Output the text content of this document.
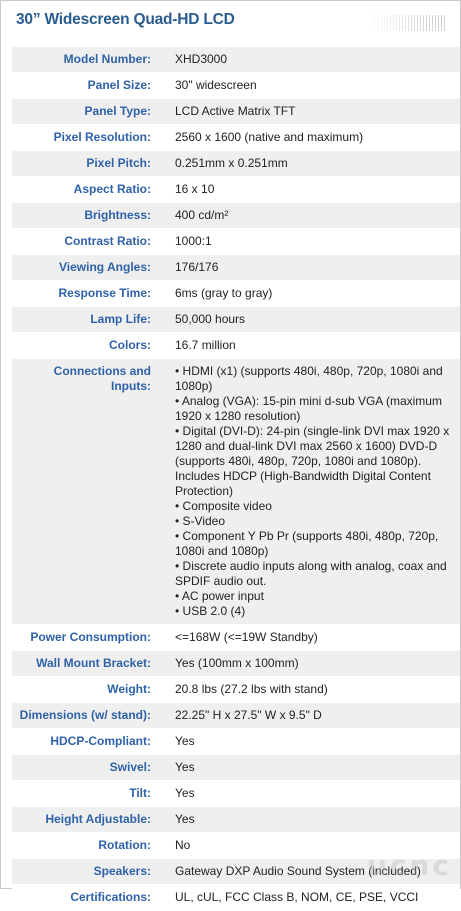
30” Widescreen Quad-HD LCD
Model Number:	XHD3000
Panel Size:	30" widescreen
Panel Type:	LCD Active Matrix TFT
Pixel Resolution:	2560 x 1600 (native and maximum)
Pixel Pitch:	0.251mm x 0.251mm
Aspect Ratio:	16 x 10
Brightness:	400 cd/m²
Contrast Ratio:	1000:1
Viewing Angles:	176/176
Response Time:	6ms (gray to gray)
Lamp Life:	50,000 hours
Colors:	16.7 million
Connections and Inputs:
• HDMI (x1) (supports 480i, 480p, 720p, 1080i and 1080p)
• Analog (VGA): 15-pin mini d-sub VGA (maximum 1920 x 1280 resolution)
• Digital (DVI-D): 24-pin (single-link DVI max 1920 x 1280 and dual-link DVI max 2560 x 1600) DVD-D (supports 480i, 480p, 720p, 1080i and 1080p). Includes HDCP (High-Bandwidth Digital Content Protection)
• Composite video
• S-Video
• Component Y Pb Pr (supports 480i, 480p, 720p, 1080i and 1080p)
• Discrete audio inputs along with analog, coax and SPDIF audio out.
• AC power input
• USB 2.0 (4)
Power Consumption:	<=168W (<=19W Standby)
Wall Mount Bracket:	Yes (100mm x 100mm)
Weight:	20.8 lbs (27.2 lbs with stand)
Dimensions (w/ stand):	22.25" H x 27.5" W x 9.5" D
HDCP-Compliant:	Yes
Swivel:	Yes
Tilt:	Yes
Height Adjustable:	Yes
Rotation:	No
Speakers:	Gateway DXP Audio Sound System (included)
Certifications:	UL, cUL, FCC Class B, NOM, CE, PSE, VCCI
ucnc
